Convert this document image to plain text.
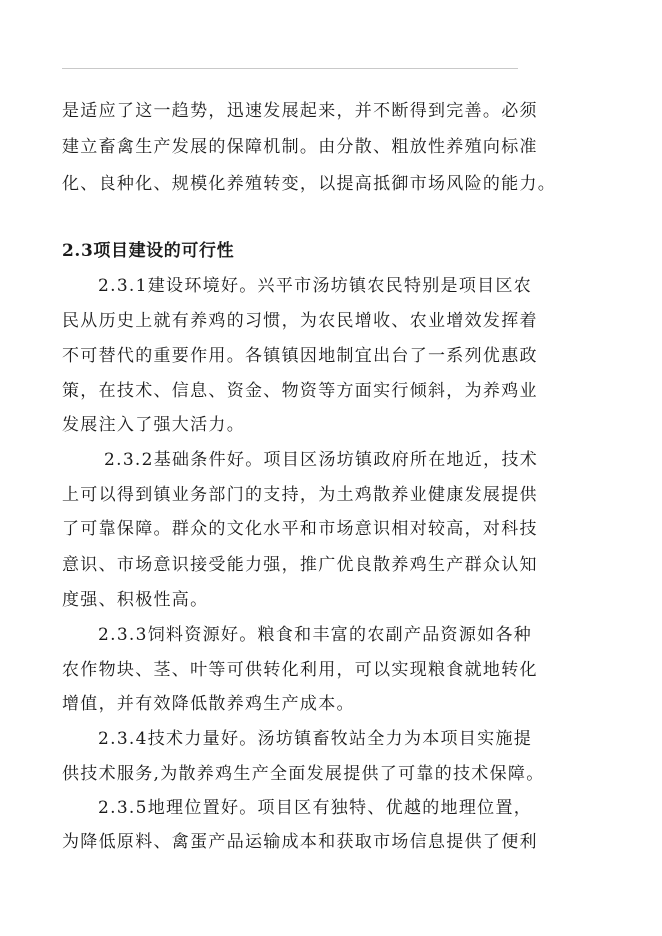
是适应了这一趋势，迅速发展起来，并不断得到完善。必须
建立畜禽生产发展的保障机制。由分散、粗放性养殖向标准
化、良种化、规模化养殖转变，以提高抵御市场风险的能力。
2.3项目建设的可行性
2.3.1建设环境好。兴平市汤坊镇农民特别是项目区农
民从历史上就有养鸡的习惯，为农民增收、农业增效发挥着
不可替代的重要作用。各镇镇因地制宜出台了一系列优惠政
策，在技术、信息、资金、物资等方面实行倾斜，为养鸡业
发展注入了强大活力。
2.3.2基础条件好。项目区汤坊镇政府所在地近，技术
上可以得到镇业务部门的支持，为土鸡散养业健康发展提供
了可靠保障。群众的文化水平和市场意识相对较高，对科技
意识、市场意识接受能力强，推广优良散养鸡生产群众认知
度强、积极性高。
2.3.3饲料资源好。粮食和丰富的农副产品资源如各种
农作物块、茎、叶等可供转化利用，可以实现粮食就地转化
增值，并有效降低散养鸡生产成本。
2.3.4技术力量好。汤坊镇畜牧站全力为本项目实施提
供技术服务,为散养鸡生产全面发展提供了可靠的技术保障。
2.3.5地理位置好。项目区有独特、优越的地理位置，
为降低原料、禽蛋产品运输成本和获取市场信息提供了便利
